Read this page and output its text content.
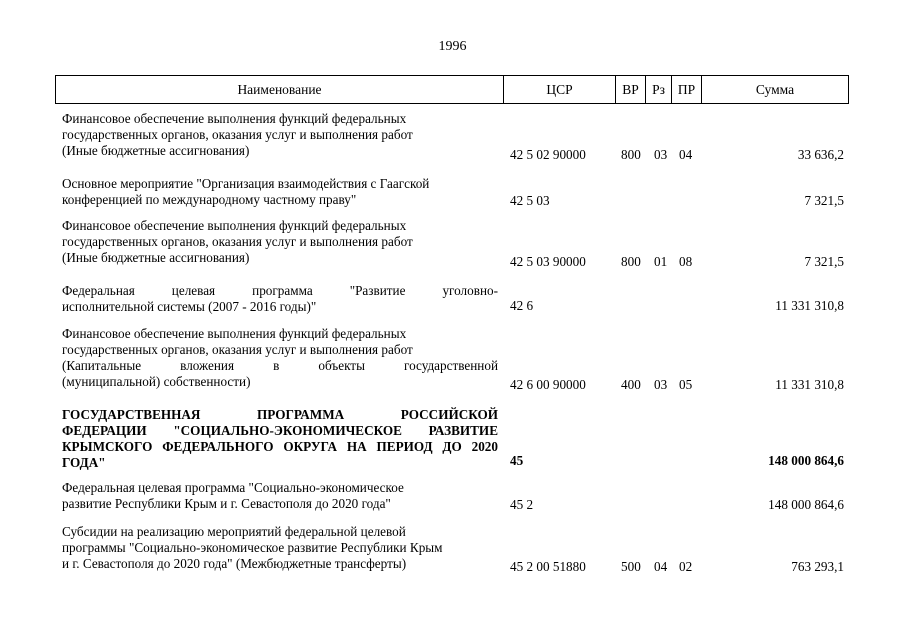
1996
Наименование	ЦСР	ВР Рз ПР	Сумма
Финансовое обеспечение выполнения функций федеральных
государственных органов, оказания услуг и выполнения работ
(Иные бюджетные ассигнования)	42 5 02 90000	800 03 04	33 636,2
Основное мероприятие "Организация взаимодействия с Гаагской
конференцией по международному частному праву"	42 5 03	7 321,5
Финансовое обеспечение выполнения функций федеральных
государственных органов, оказания услуг и выполнения работ
(Иные бюджетные ассигнования)	42 5 03 90000	800 01 08	7 321,5
Федеральная целевая программа "Развитие уголовно-
исполнительной системы (2007 - 2016 годы)"	42 6	11 331 310,8
Финансовое обеспечение выполнения функций федеральных
государственных органов, оказания услуг и выполнения работ
(Капитальные вложения в объекты государственной
(муниципальной) собственности)	42 6 00 90000	400 03 05	11 331 310,8
ГОСУДАРСТВЕННАЯ ПРОГРАММА РОССИЙСКОЙ
ФЕДЕРАЦИИ "СОЦИАЛЬНО-ЭКОНОМИЧЕСКОЕ РАЗВИТИЕ
КРЫМСКОГО ФЕДЕРАЛЬНОГО ОКРУГА НА ПЕРИОД ДО 2020
ГОДА"	45	148 000 864,6
Федеральная целевая программа "Социально-экономическое
развитие Республики Крым и г. Севастополя до 2020 года"	45 2	148 000 864,6
Субсидии на реализацию мероприятий федеральной целевой
программы "Социально-экономическое развитие Республики Крым
и г. Севастополя до 2020 года" (Межбюджетные трансферты)	45 2 00 51880	500 04 02	763 293,1
